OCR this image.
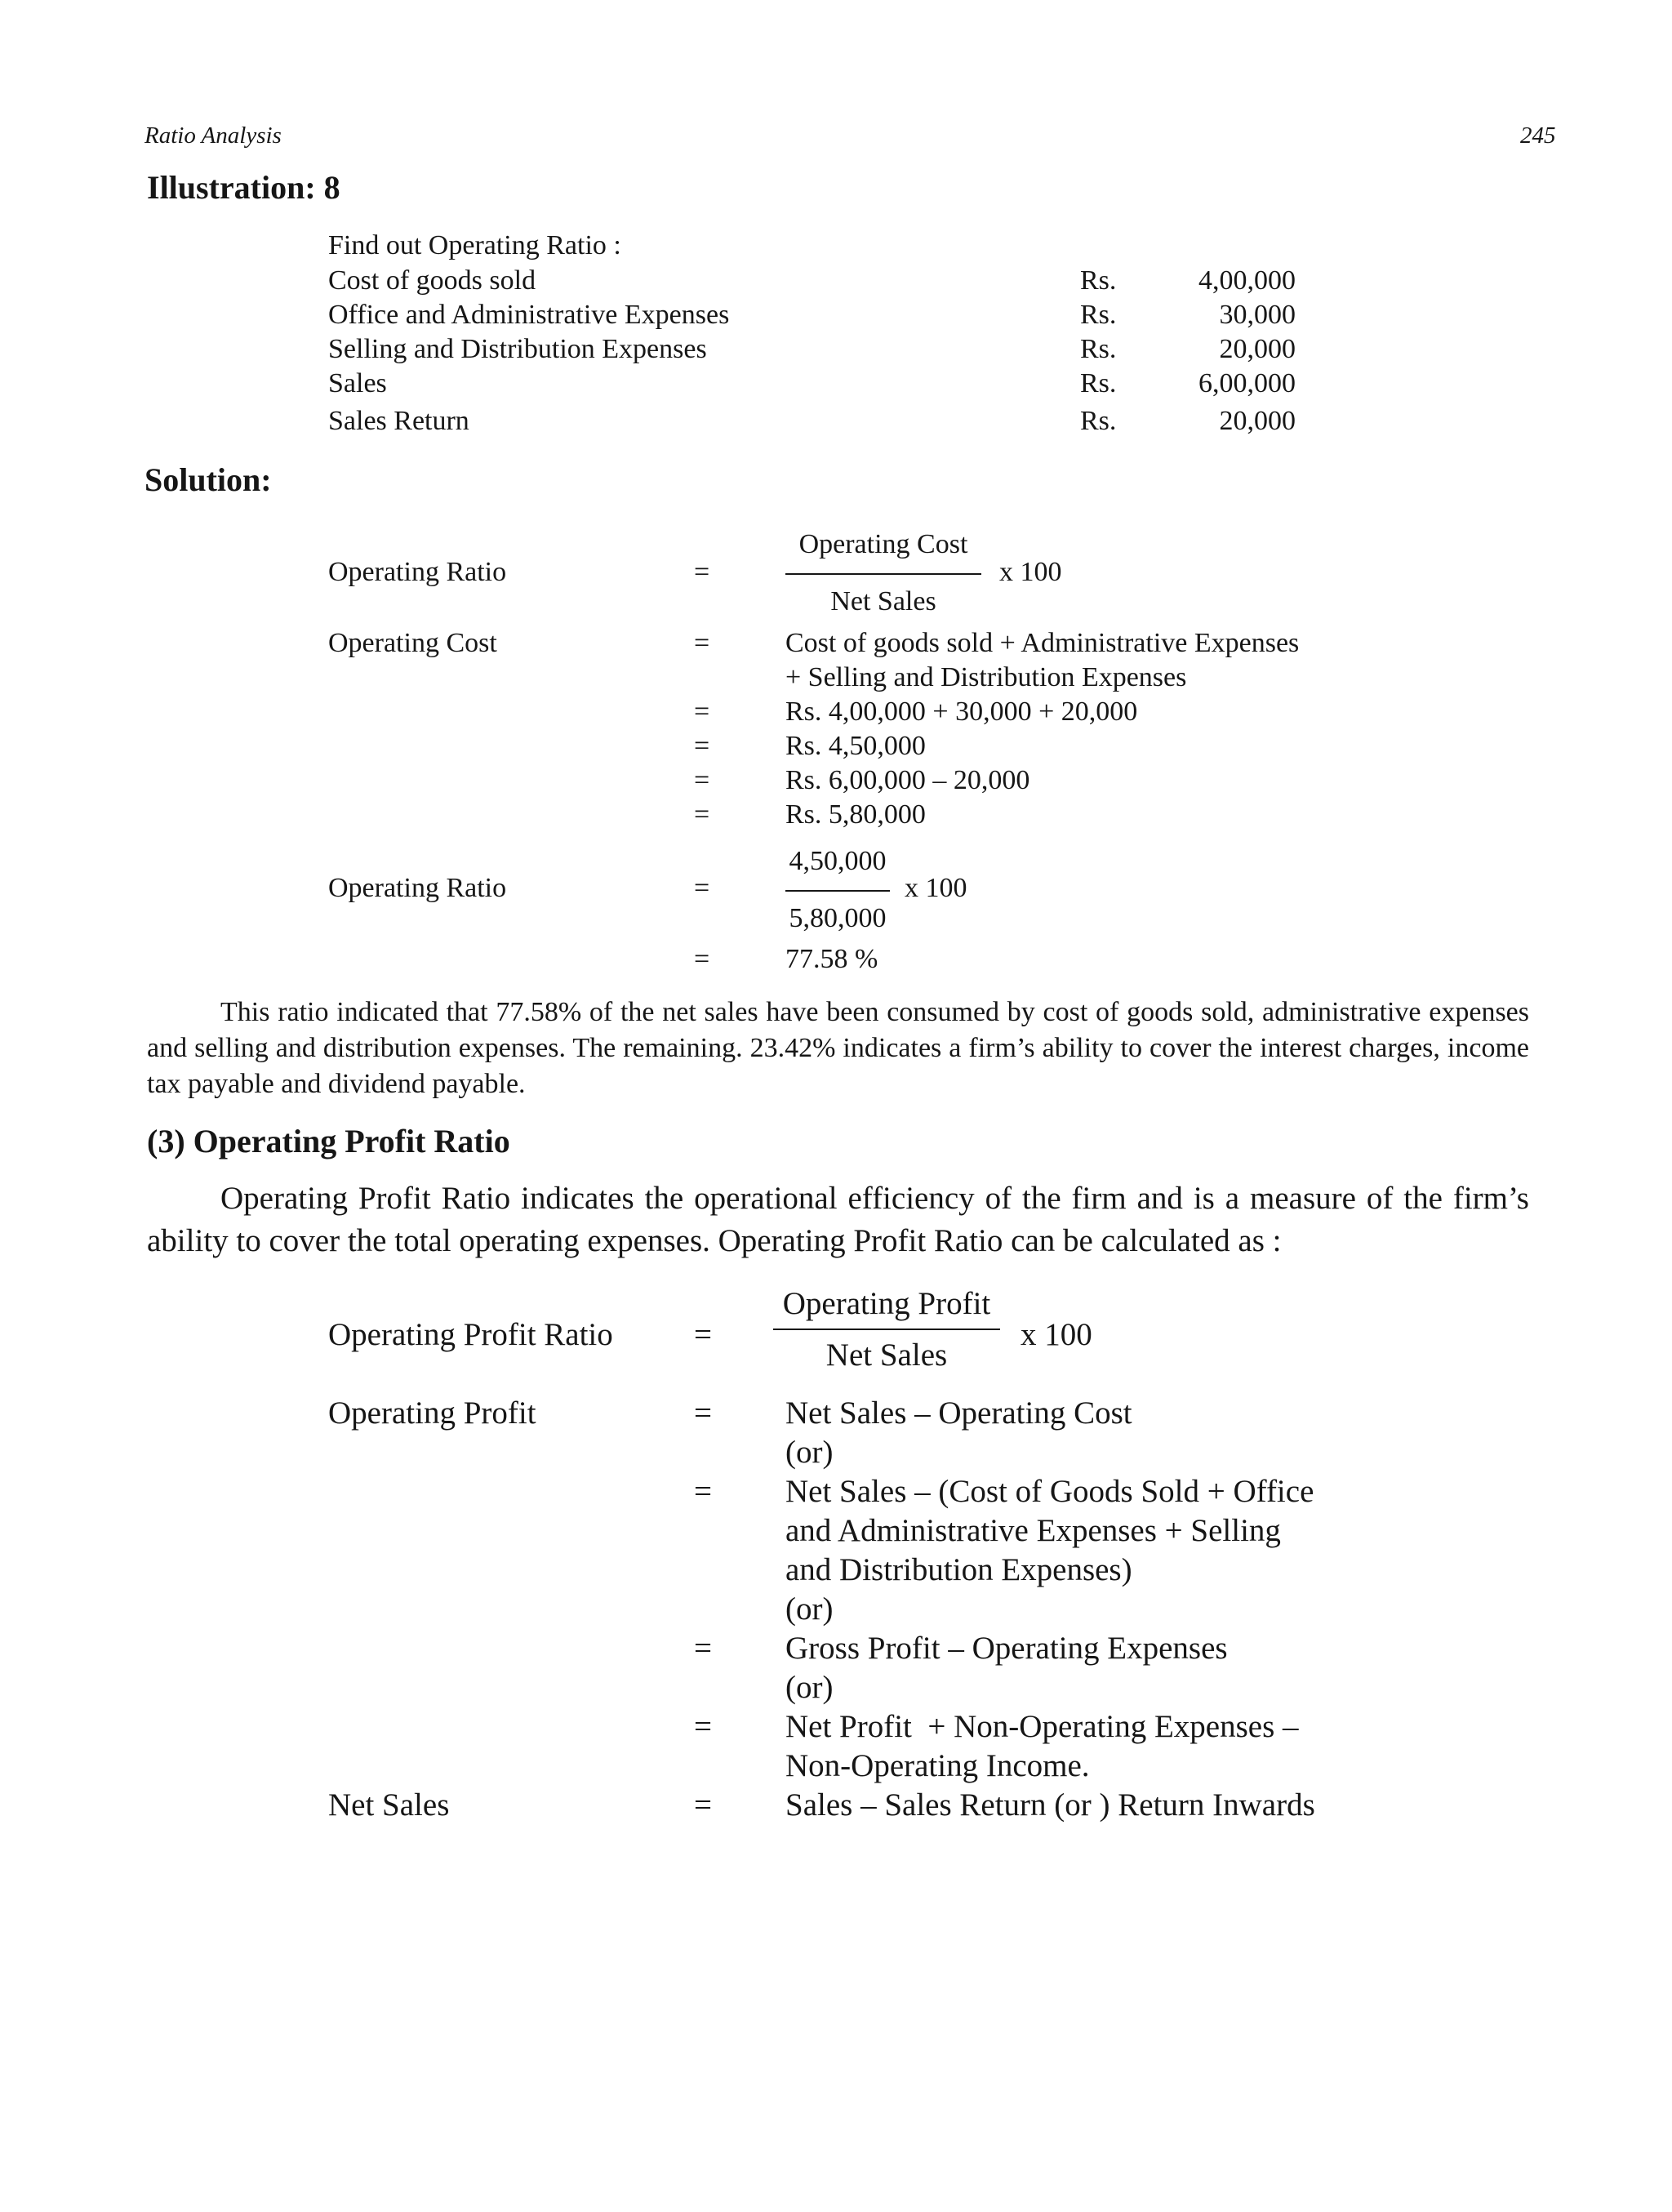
Ratio Analysis	245
Illustration: 8
Find out Operating Ratio :
Cost of goods sold	Rs.	4,00,000
Office and Administrative Expenses	Rs.	30,000
Selling and Distribution Expenses	Rs.	20,000
Sales	Rs.	6,00,000
Sales Return	Rs.	20,000
Solution:
Operating Ratio	=
Operating Cost
Net Sales
x 100
Operating Cost	=	Cost of goods sold + Administrative Expenses
+ Selling and Distribution Expenses
=	Rs. 4,00,000 + 30,000 + 20,000
=	Rs. 4,50,000
=	Rs. 6,00,000 – 20,000
=	Rs. 5,80,000
Operating Ratio	=
4,50,000
5,80,000
x 100
=	77.58 %
This ratio indicated that 77.58% of the net sales have been consumed by cost of goods sold, administrative expenses and selling and distribution expenses. The remaining. 23.42% indicates a firm’s ability to cover the interest charges, income tax payable and dividend payable.
(3) Operating Profit Ratio
Operating Profit Ratio indicates the operational efficiency of the firm and is a measure of the firm’s ability to cover the total operating expenses. Operating Profit Ratio can be calculated as :
Operating Profit Ratio	=
Operating Profit
Net Sales
x 100
Operating Profit	= Net Sales – Operating Cost
(or)
= Net Sales – (Cost of Goods Sold + Office
and Administrative Expenses + Selling
and Distribution Expenses)
(or)
= Gross Profit – Operating Expenses
(or)
= Net Profit  + Non-Operating Expenses –
Non-Operating Income.
Net Sales	= Sales – Sales Return (or ) Return Inwards
